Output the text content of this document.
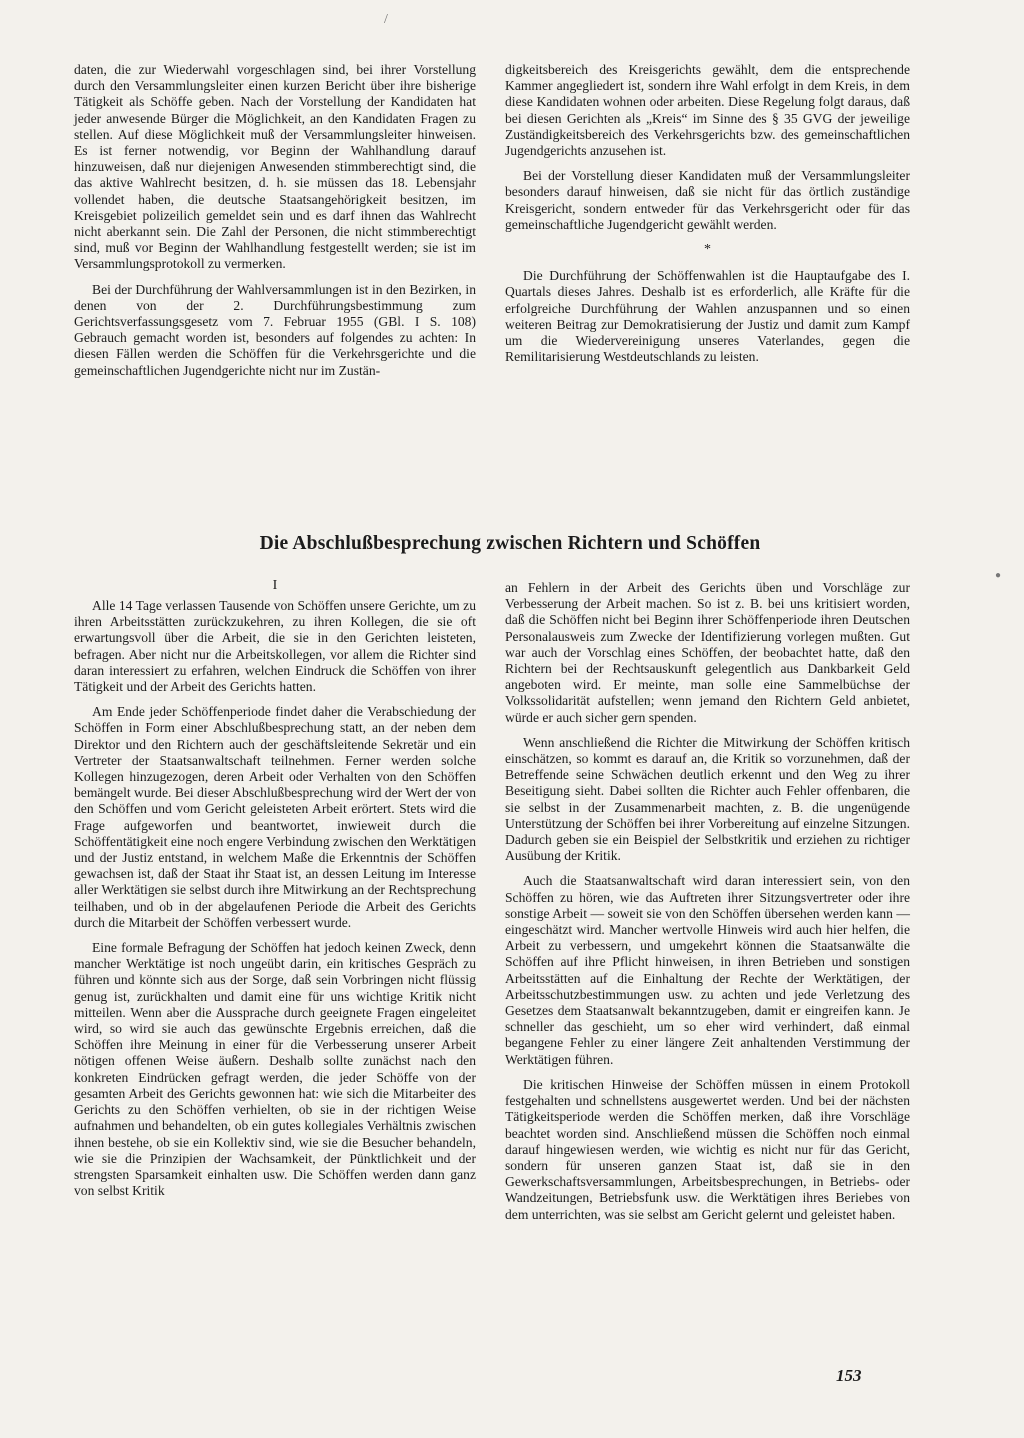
/
●

daten, die zur Wiederwahl vorgeschlagen sind, bei ihrer Vorstellung durch den Versammlungsleiter einen kurzen Bericht über ihre bisherige Tätigkeit als Schöffe geben. Nach der Vorstellung der Kandidaten hat jeder anwesende Bürger die Möglichkeit, an den Kandidaten Fragen zu stellen. Auf diese Möglichkeit muß der Versammlungsleiter hinweisen. Es ist ferner notwendig, vor Beginn der Wahlhandlung darauf hinzuweisen, daß nur diejenigen Anwesenden stimmberechtigt sind, die das aktive Wahlrecht besitzen, d. h. sie müssen das 18. Lebensjahr vollendet haben, die deutsche Staatsangehörigkeit besitzen, im Kreisgebiet polizeilich gemeldet sein und es darf ihnen das Wahlrecht nicht aberkannt sein. Die Zahl der Personen, die nicht stimmberechtigt sind, muß vor Beginn der Wahlhandlung festgestellt werden; sie ist im Versammlungsprotokoll zu vermerken.

Bei der Durchführung der Wahlversammlungen ist in den Bezirken, in denen von der 2. Durchführungsbestimmung zum Gerichtsverfassungsgesetz vom 7. Februar 1955 (GBl. I S. 108) Gebrauch gemacht worden ist, besonders auf folgendes zu achten: In diesen Fällen werden die Schöffen für die Verkehrsgerichte und die gemeinschaftlichen Jugendgerichte nicht nur im Zustän-

digkeitsbereich des Kreisgerichts gewählt, dem die entsprechende Kammer angegliedert ist, sondern ihre Wahl erfolgt in dem Kreis, in dem diese Kandidaten wohnen oder arbeiten. Diese Regelung folgt daraus, daß bei diesen Gerichten als „Kreis“ im Sinne des § 35 GVG der jeweilige Zuständigkeitsbereich des Verkehrsgerichts bzw. des gemeinschaftlichen Jugendgerichts anzusehen ist.

Bei der Vorstellung dieser Kandidaten muß der Versammlungsleiter besonders darauf hinweisen, daß sie nicht für das örtlich zuständige Kreisgericht, sondern entweder für das Verkehrsgericht oder für das gemeinschaftliche Jugendgericht gewählt werden.

*

Die Durchführung der Schöffenwahlen ist die Hauptaufgabe des I. Quartals dieses Jahres. Deshalb ist es erforderlich, alle Kräfte für die erfolgreiche Durchführung der Wahlen anzuspannen und so einen weiteren Beitrag zur Demokratisierung der Justiz und damit zum Kampf um die Wiedervereinigung unseres Vaterlandes, gegen die Remilitarisierung Westdeutschlands zu leisten.

Die Abschlußbesprechung zwischen Richtern und Schöffen
I

Alle 14 Tage verlassen Tausende von Schöffen unsere Gerichte, um zu ihren Arbeitsstätten zurückzukehren, zu ihren Kollegen, die sie oft erwartungsvoll über die Arbeit, die sie in den Gerichten leisteten, befragen. Aber nicht nur die Arbeitskollegen, vor allem die Richter sind daran interessiert zu erfahren, welchen Eindruck die Schöffen von ihrer Tätigkeit und der Arbeit des Gerichts hatten.

Am Ende jeder Schöffenperiode findet daher die Verabschiedung der Schöffen in Form einer Abschlußbesprechung statt, an der neben dem Direktor und den Richtern auch der geschäftsleitende Sekretär und ein Vertreter der Staatsanwaltschaft teilnehmen. Ferner werden solche Kollegen hinzugezogen, deren Arbeit oder Verhalten von den Schöffen bemängelt wurde. Bei dieser Abschlußbesprechung wird der Wert der von den Schöffen und vom Gericht geleisteten Arbeit erörtert. Stets wird die Frage aufgeworfen und beantwortet, inwieweit durch die Schöffentätigkeit eine noch engere Verbindung zwischen den Werktätigen und der Justiz entstand, in welchem Maße die Erkenntnis der Schöffen gewachsen ist, daß der Staat ihr Staat ist, an dessen Leitung im Interesse aller Werktätigen sie selbst durch ihre Mitwirkung an der Rechtsprechung teilhaben, und ob in der abgelaufenen Periode die Arbeit des Gerichts durch die Mitarbeit der Schöffen verbessert wurde.

Eine formale Befragung der Schöffen hat jedoch keinen Zweck, denn mancher Werktätige ist noch ungeübt darin, ein kritisches Gespräch zu führen und könnte sich aus der Sorge, daß sein Vorbringen nicht flüssig genug ist, zurückhalten und damit eine für uns wichtige Kritik nicht mitteilen. Wenn aber die Aussprache durch geeignete Fragen eingeleitet wird, so wird sie auch das gewünschte Ergebnis erreichen, daß die Schöffen ihre Meinung in einer für die Verbesserung unserer Arbeit nötigen offenen Weise äußern. Deshalb sollte zunächst nach den konkreten Eindrücken gefragt werden, die jeder Schöffe von der gesamten Arbeit des Gerichts gewonnen hat: wie sich die Mitarbeiter des Gerichts zu den Schöffen verhielten, ob sie in der richtigen Weise aufnahmen und behandelten, ob ein gutes kollegiales Verhältnis zwischen ihnen bestehe, ob sie ein Kollektiv sind, wie sie die Besucher behandeln, wie sie die Prinzipien der Wachsamkeit, der Pünktlichkeit und der strengsten Sparsamkeit einhalten usw. Die Schöffen werden dann ganz von selbst Kritik

an Fehlern in der Arbeit des Gerichts üben und Vorschläge zur Verbesserung der Arbeit machen. So ist z. B. bei uns kritisiert worden, daß die Schöffen nicht bei Beginn ihrer Schöffenperiode ihren Deutschen Personalausweis zum Zwecke der Identifizierung vorlegen mußten. Gut war auch der Vorschlag eines Schöffen, der beobachtet hatte, daß den Richtern bei der Rechtsauskunft gelegentlich aus Dankbarkeit Geld angeboten wird. Er meinte, man solle eine Sammelbüchse der Volkssolidarität aufstellen; wenn jemand den Richtern Geld anbietet, würde er auch sicher gern spenden.

Wenn anschließend die Richter die Mitwirkung der Schöffen kritisch einschätzen, so kommt es darauf an, die Kritik so vorzunehmen, daß der Betreffende seine Schwächen deutlich erkennt und den Weg zu ihrer Beseitigung sieht. Dabei sollten die Richter auch Fehler offenbaren, die sie selbst in der Zusammenarbeit machten, z. B. die ungenügende Unterstützung der Schöffen bei ihrer Vorbereitung auf einzelne Sitzungen. Dadurch geben sie ein Beispiel der Selbstkritik und erziehen zu richtiger Ausübung der Kritik.

Auch die Staatsanwaltschaft wird daran interessiert sein, von den Schöffen zu hören, wie das Auftreten ihrer Sitzungsvertreter oder ihre sonstige Arbeit — soweit sie von den Schöffen übersehen werden kann — eingeschätzt wird. Mancher wertvolle Hinweis wird auch hier helfen, die Arbeit zu verbessern, und umgekehrt können die Staatsanwälte die Schöffen auf ihre Pflicht hinweisen, in ihren Betrieben und sonstigen Arbeitsstätten auf die Einhaltung der Rechte der Werktätigen, der Arbeitsschutzbestimmungen usw. zu achten und jede Verletzung des Gesetzes dem Staatsanwalt bekanntzugeben, damit er eingreifen kann. Je schneller das geschieht, um so eher wird verhindert, daß einmal begangene Fehler zu einer längere Zeit anhaltenden Verstimmung der Werktätigen führen.

Die kritischen Hinweise der Schöffen müssen in einem Protokoll festgehalten und schnellstens ausgewertet werden. Und bei der nächsten Tätigkeitsperiode werden die Schöffen merken, daß ihre Vorschläge beachtet worden sind. Anschließend müssen die Schöffen noch einmal darauf hingewiesen werden, wie wichtig es nicht nur für das Gericht, sondern für unseren ganzen Staat ist, daß sie in den Gewerkschaftsversammlungen, Arbeitsbesprechungen, in Betriebs- oder Wandzeitungen, Betriebsfunk usw. die Werktätigen ihres Beriebes von dem unterrichten, was sie selbst am Gericht gelernt und geleistet haben.

153
